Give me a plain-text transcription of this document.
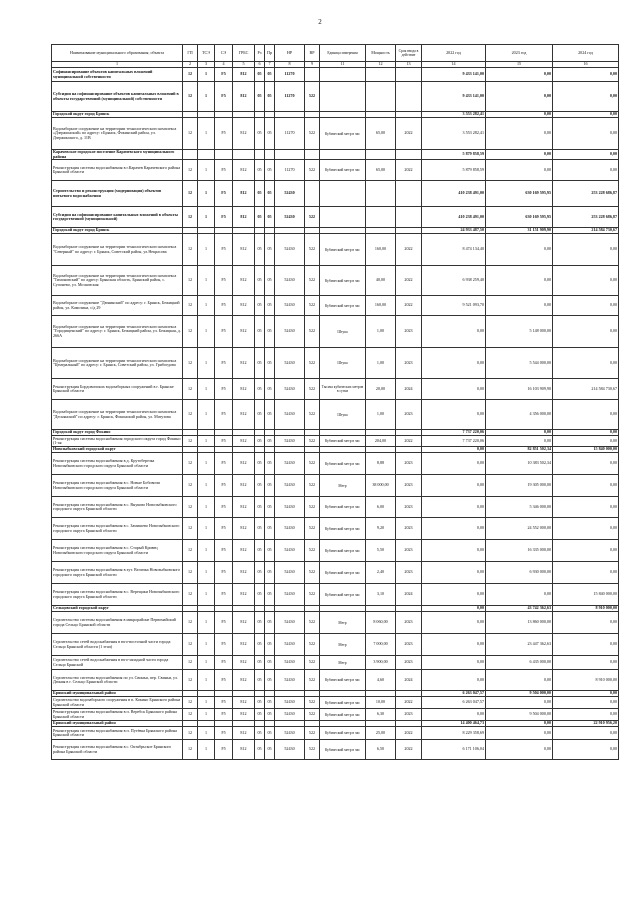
2
Наименование муниципального образования; объекта	ГП	ТСЭ	СЭ	ГРБС	Рз	Пр	НР	ВР	Единица измерения	Мощность	Срок ввода в действие	2022 год	2023 год	2024 год
1	2	3	4	5	6	7	8	9	11	12	13	14	15	16
Софинансирование объектов капитальных вложений муниципальной собственности	12	1	F5	812	05	05	11270					9 433 141,00	0,00	0,00
Субсидии на софинансирование объектов капитальных вложений в объекты государственной (муниципальной) собственности	12	1	F5	812	05	05	11270	522				9 433 141,00	0,00	0,00
Городской округ город Брянск												3 553 282,41	0,00	0,00
Водозаборное сооружение на территории технологического комплекса «Дзержинский» по адресу: г.Брянск, Фокинский район, ул. Дзержинского, д. 11В	12	1	F5	812	05	05	11270	522	Кубический метр в час	65,00	2022	3 553 282,41	0,00	0,00
Карачевское городское поселение Карачевского муниципального района												5 879 858,59	0,00	0,00
Реконструкция системы водоснабжения в г.Карачев Карачевского района Брянской области	12	1	F5	812	05	05	11270	522	Кубический метр в час	65,00	2022	5 879 858,59	0,00	0,00
Строительство и реконструкция (модернизация) объектов питьевого водоснабжения	12	1	F5	812	05	05	52430					410 238 491,00	630 169 595,95	253 228 686,87
Субсидии на софинансирование капитальных вложений в объекты государственной (муниципальной)	12	1	F5	812	05	05	52430	522				410 238 491,00	630 169 595,95	253 228 686,87
Городской округ город Брянск												24 933 487,50	31 151 909,90	214 584 730,67
Водозаборное сооружение на территории технологического комплекса "Северный" по адресу: г. Брянск, Советский район, ул.Некрасова	12	1	F5	812	05	05	52430	522	Кубический метр в час	160,00	2022	8 474 134,40	0,00	0,00
Водозаборное сооружение на территории технологического комплекса "Тимоновский" по адресу: Брянская область, Брянский район, с. Супонево, ул. Московская	12	1	F5	812	05	05	52430	522	Кубический метр в час	40,00	2022	6 938 259,40	0,00	0,00
Водозаборное сооружение "Дюнинский" по адресу: г. Брянск, Бежицкий район, ул. Камозина, с/д 29	12	1	F5	812	05	05	52430	522	Кубический метр в час	160,00	2022	9 521 093,70	0,00	0,00
Водозаборное сооружение на территории технологического комплекса "Городищенский" по адресу: г. Брянск, Бежицкий район, ул. Бежицкая, д. 266А	12	1	F5	812	05	05	52430	522	Штука	1,00	2023	0,00	5 148 000,00	0,00
Водозаборное сооружение на территории технологического комплекса "Центральный" по адресу: г. Брянск, Советский район, ул. Грибоедова	12	1	F5	812	05	05	52430	522	Штука	1,00	2023	0,00	5 544 000,00	0,00
Реконструкция Бордовичских водозаборных сооружений в г. Брянске Брянской области	12	1	F5	812	05	05	52430	522	Тысяча кубических метров в сутки	20,00	2024	0,00	16 103 909,90	214 584 730,67
Водозаборное сооружение на территории технологического комплекса "Деснянский" по адресу: г. Брянск, Фокинский район, ул. Матузова	12	1	F5	812	05	05	52430	522	Штука	1,00	2023	0,00	4 356 000,00	0,00
Городской округ город Фокино												7 737 220,06	0,00	0,00
Реконструкция системы водоснабжения городского округа город Фокино (1-ая	12	1	F5	812	05	05	52430	522	Кубический метр в час	204,00	2022	7 737 220,06	0,00	0,00
Новозыбковский городской округ												0,00	82 851 502,34	15 840 000,00
Реконструкция системы водоснабжения в д. Крутоберезка Новозыбковского городского округа Брянской области	12	1	F5	812	05	05	52430	522	Кубический метр в час	8,88	2023	0,00	10 383 502,34	0,00
Реконструкция системы водоснабжения в с. Новые Бобовичи Новозыбковского городского округа Брянской области	12	1	F5	812	05	05	52430	522	Метр	38 000,00	2023	0,00	19 305 000,00	0,00
Реконструкция системы водоснабжения в с. Внуково Новозыбковского городского округа Брянской области	12	1	F5	812	05	05	52430	522	Кубический метр в час	6,00	2023	0,00	5 346 000,00	0,00
Реконструкция системы водоснабжения в с. Замишево Новозыбковского городского округа Брянской области	12	1	F5	812	05	05	52430	522	Кубический метр в час	9,20	2023	0,00	24 552 000,00	0,00
Реконструкция системы водоснабжения в с. Старый Кривец Новозыбковского городского округа Брянской области	12	1	F5	812	05	05	52430	522	Кубический метр в час	5,50	2023	0,00	16 335 000,00	0,00
Реконструкция системы водоснабжения в хут. Величка Новозыбковского городского округа Брянской области	12	1	F5	812	05	05	52430	522	Кубический метр в час	2,40	2023	0,00	6 930 000,00	0,00
Реконструкция системы водоснабжения в с. Верещаки Новозыбковского городского округа Брянской области	12	1	F5	812	05	05	52430	522	Кубический метр в час	3,10	2024	0,00	0,00	15 840 000,00
Сельцовский городской округ												0,00	43 742 362,63	8 910 000,00
Строительство системы водоснабжения в микрорайоне Первомайский города Сельцо Брянской области	12	1	F5	812	05	05	52430	522	Метр	8 060,00	2023	0,00	13 860 000,00	0,00
Строительство сетей водоснабжения в юго-восточной части города Сельцо Брянской области (1 этап)	12	1	F5	812	05	05	52430	522	Метр	7 000,00	2023	0,00	23 447 362,63	0,00
Строительство сетей водоснабжения в юго-западной части города Сельцо Брянской	12	1	F5	812	05	05	52430	522	Метр	3 900,00	2023	0,00	6 435 000,00	0,00
Строительство системы водоснабжения по ул. Свиньи, пер. Свиньи, ул. Дачная в г. Сельцо Брянской области	12	1	F5	812	05	05	52430	522	Кубический метр в час	4,60	2024	0,00	0,00	8 910 000,00
Брянский муниципальный район												6 263 047,57	9 504 000,00	0,00
Строительство водозаборного сооружения в п. Кокино Брянского района Брянской области	12	1	F5	812	05	05	52430	522	Кубический метр в час	10,00	2022	6 263 047,57	0,00	0,00
Реконструкция системы водоснабжения в п. Веребск Брянского района Брянской области	12	1	F5	812	05	05	52430	522	Кубический метр в час	6,30	2023	0,00	9 504 000,00	0,00
Брянский муниципальный район												14 400 464,73	0,00	22 910 956,20
Реконструкция системы водоснабжения в п. Путёвка Брянского района Брянской области	12	1	F5	812	05	05	52430	522	Кубический метр в час	25,00	2022	8 229 358,69	0,00	0,00
Реконструкция системы водоснабжения в с. Октябрьское Брянского района Брянской области	12	1	F5	812	05	05	52430	522	Кубический метр в час	6,50	2022	6 171 106,04	0,00	0,00
